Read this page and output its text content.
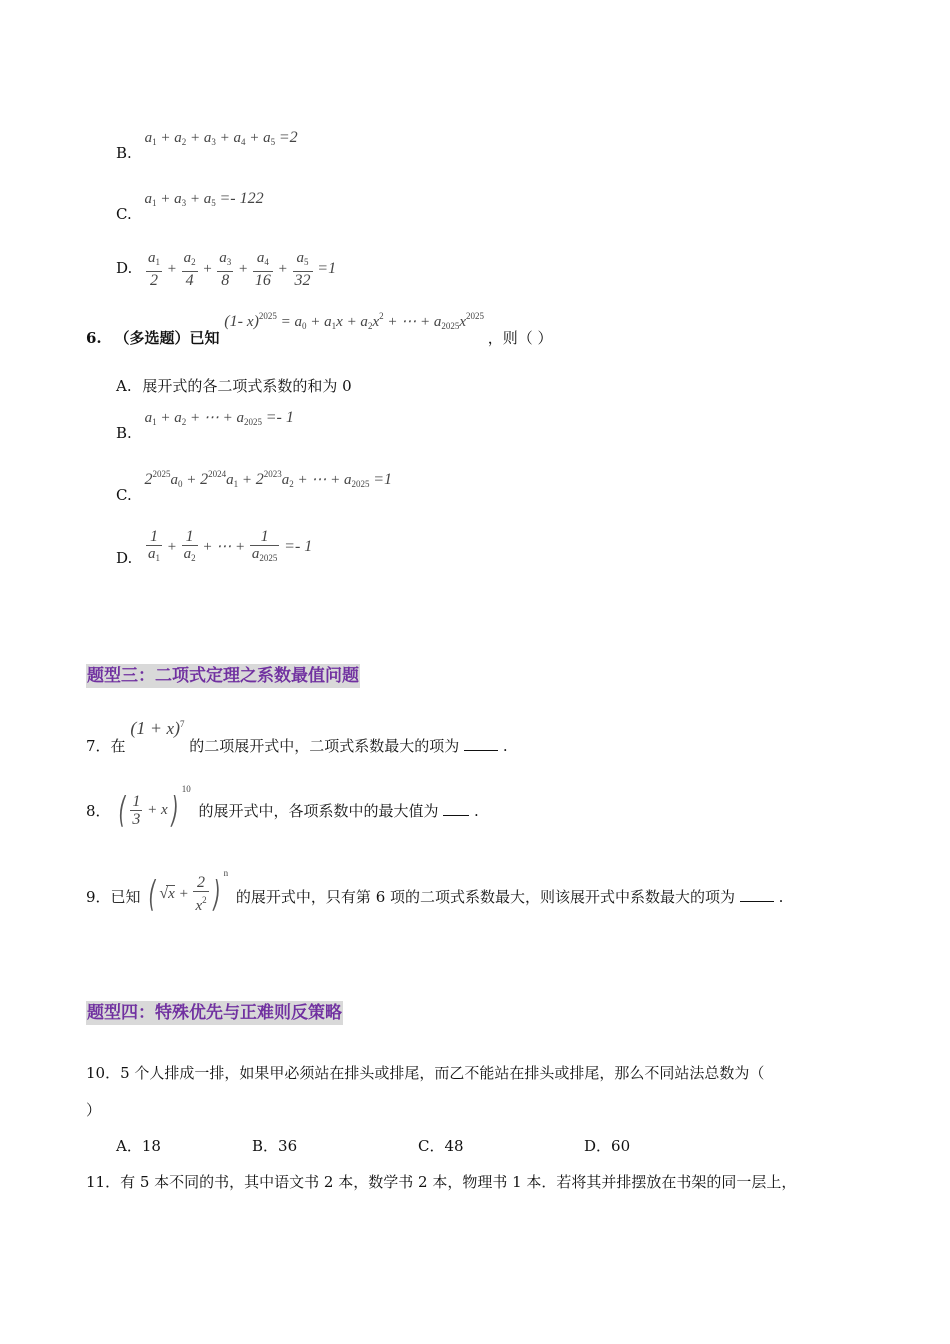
B. $a_1 + a_2 + a_3 + a_4 + a_5 =2$
C. $a_1 + a_3 + a_5 =- 122$
D. $\frac{a_1}{2} + \frac{a_2}{4} + \frac{a_3}{8} + \frac{a_4}{16} + \frac{a_5}{32} =1$
6. （多选题）已知 (1- $x)^{2025} = a_0 + a_1x + a_2x^2$ + ⋯ + $a_{2025}x^{2025}$ ，则（ ）
A. 展开式的各二项式系数的和为 0
B. $a_1 + a_2$ + ⋯ + $a_{2025} =- 1$
C. $2^{2025}a_0 + 2^{2024}a_1 + 2^{2023}a_2$ + ⋯ + $a_{2025} =1$
D. $\frac{1}{a_1} + \frac{1}{a_2}$ + ⋯ + $\frac{1}{a_{2025}} =- 1$
题型三：二项式定理之系数最值问题
7．在 $(1 + x)^7$ 的二项展开式中，二项式系数最大的项为	.
8． ( $\frac{1}{3} + x)^{10}$ 的展开式中，各项系数中的最大值为 .
9．已知 ( $√x + \frac{2}{x^2} )^n$ 的展开式中，只有第 6 项的二项式系数最大，则该展开式中系数最大的项为	.
题型四：特殊优先与正难则反策略
10．5 个人排成一排，如果甲必须站在排头或排尾，而乙不能站在排头或排尾，那么不同站法总数为（
）
A．18	B．36	C．48	D．60
11．有 5 本不同的书，其中语文书 2 本，数学书 2 本，物理书 1 本．若将其并排摆放在书架的同一层上，
